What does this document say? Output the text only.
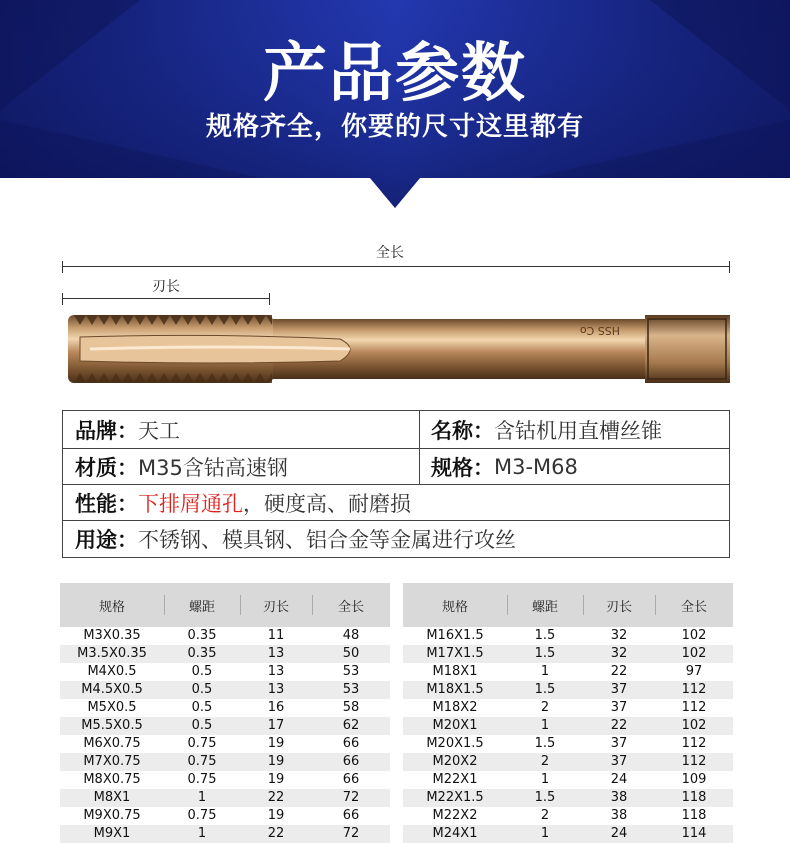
产品参数
规格齐全，你要的尺寸这里都有
全长
刃长
HSS Co
品牌： 天工	名称： 含钴机用直槽丝锥
材质： M35含钴高速钢	规格： M3-M68
性能： 下排屑通孔 ，硬度高、耐磨损
用途： 不锈钢、模具钢、铝合金等金属进行攻丝
规格	螺距	刃长	全长
M3X0.35	0.35	11	48
M3.5X0.35	0.35	13	50
M4X0.5	0.5	13	53
M4.5X0.5	0.5	13	53
M5X0.5	0.5	16	58
M5.5X0.5	0.5	17	62
M6X0.75	0.75	19	66
M7X0.75	0.75	19	66
M8X0.75	0.75	19	66
M8X1	1	22	72
M9X0.75	0.75	19	66
M9X1	1	22	72
规格	螺距	刃长	全长
M16X1.5	1.5	32	102
M17X1.5	1.5	32	102
M18X1	1	22	97
M18X1.5	1.5	37	112
M18X2	2	37	112
M20X1	1	22	102
M20X1.5	1.5	37	112
M20X2	2	37	112
M22X1	1	24	109
M22X1.5	1.5	38	118
M22X2	2	38	118
M24X1	1	24	114
